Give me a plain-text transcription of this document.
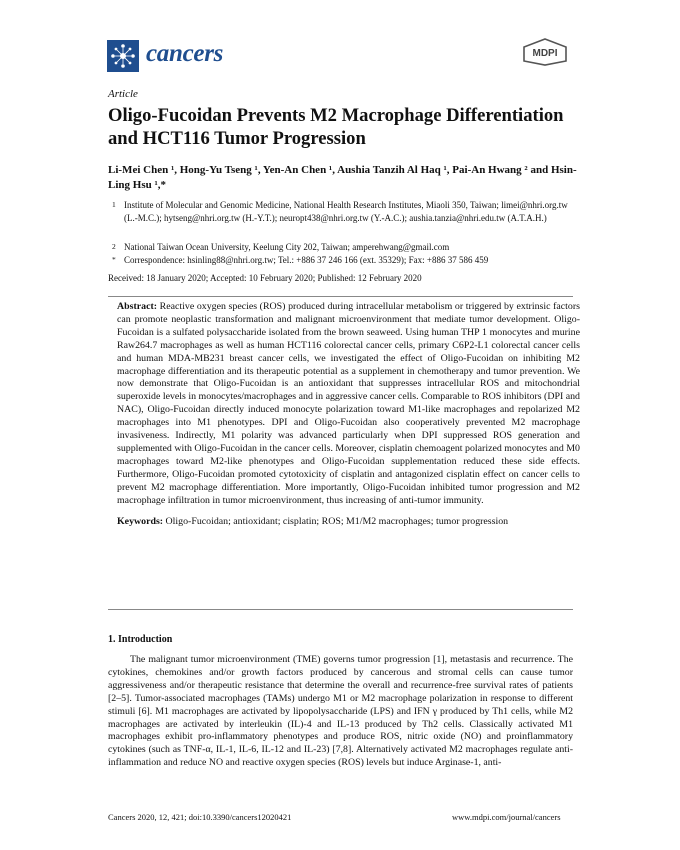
cancers	MDPI
Article
Oligo-Fucoidan Prevents M2 Macrophage Differentiation and HCT116 Tumor Progression
Li-Mei Chen ¹, Hong-Yu Tseng ¹, Yen-An Chen ¹, Aushia Tanzih Al Haq ¹, Pai-An Hwang ² and Hsin-Ling Hsu ¹,*
1 Institute of Molecular and Genomic Medicine, National Health Research Institutes, Miaoli 350, Taiwan; limei@nhri.org.tw (L.-M.C.); hytseng@nhri.org.tw (H.-Y.T.); neuropt438@nhri.org.tw (Y.-A.C.); aushia.tanzia@nhri.edu.tw (A.T.A.H.)
2 National Taiwan Ocean University, Keelung City 202, Taiwan; amperehwang@gmail.com
* Correspondence: hsinling88@nhri.org.tw; Tel.: +886 37 246 166 (ext. 35329); Fax: +886 37 586 459
Received: 18 January 2020; Accepted: 10 February 2020; Published: 12 February 2020
Abstract: Reactive oxygen species (ROS) produced during intracellular metabolism or triggered by extrinsic factors can promote neoplastic transformation and malignant microenvironment that mediate tumor development. Oligo-Fucoidan is a sulfated polysaccharide isolated from the brown seaweed. Using human THP 1 monocytes and murine Raw264.7 macrophages as well as human HCT116 colorectal cancer cells, primary C6P2-L1 colorectal cancer cells and human MDA-MB231 breast cancer cells, we investigated the effect of Oligo-Fucoidan on inhibiting M2 macrophage differentiation and its therapeutic potential as a supplement in chemotherapy and tumor prevention. We now demonstrate that Oligo-Fucoidan is an antioxidant that suppresses intracellular ROS and mitochondrial superoxide levels in monocytes/macrophages and in aggressive cancer cells. Comparable to ROS inhibitors (DPI and NAC), Oligo-Fucoidan directly induced monocyte polarization toward M1-like macrophages and repolarized M2 macrophages into M1 phenotypes. DPI and Oligo-Fucoidan also cooperatively prevented M2 macrophage invasiveness. Indirectly, M1 polarity was advanced particularly when DPI suppressed ROS generation and supplemented with Oligo-Fucoidan in the cancer cells. Moreover, cisplatin chemoagent polarized monocytes and M0 macrophages toward M2-like phenotypes and Oligo-Fucoidan supplementation reduced these side effects. Furthermore, Oligo-Fucoidan promoted cytotoxicity of cisplatin and antagonized cisplatin effect on cancer cells to prevent M2 macrophage differentiation. More importantly, Oligo-Fucoidan inhibited tumor progression and M2 macrophage infiltration in tumor microenvironment, thus increasing of anti-tumor immunity.
Keywords: Oligo-Fucoidan; antioxidant; cisplatin; ROS; M1/M2 macrophages; tumor progression
1. Introduction

The malignant tumor microenvironment (TME) governs tumor progression [1], metastasis and recurrence. The cytokines, chemokines and/or growth factors produced by cancerous and stromal cells can cause tumor aggressiveness and/or therapeutic resistance that determine the overall and recurrence-free survival rates of patients [2–5]. Tumor-associated macrophages (TAMs) undergo M1 or M2 macrophage polarization in response to different stimuli [6]. M1 macrophages are activated by lipopolysaccharide (LPS) and IFN γ produced by Th1 cells, while M2 macrophages are activated by interleukin (IL)-4 and IL-13 produced by Th2 cells. Classically activated M1 macrophages exhibit pro-inflammatory phenotypes and produce ROS, nitric oxide (NO) and proinflammatory cytokines (such as TNF-α, IL-1, IL-6, IL-12 and IL-23) [7,8]. Alternatively activated M2 macrophages regulate anti-inflammation and reduce NO and reactive oxygen species (ROS) levels but induce Arginase-1, anti-

Cancers 2020, 12, 421; doi:10.3390/cancers12020421	www.mdpi.com/journal/cancers
